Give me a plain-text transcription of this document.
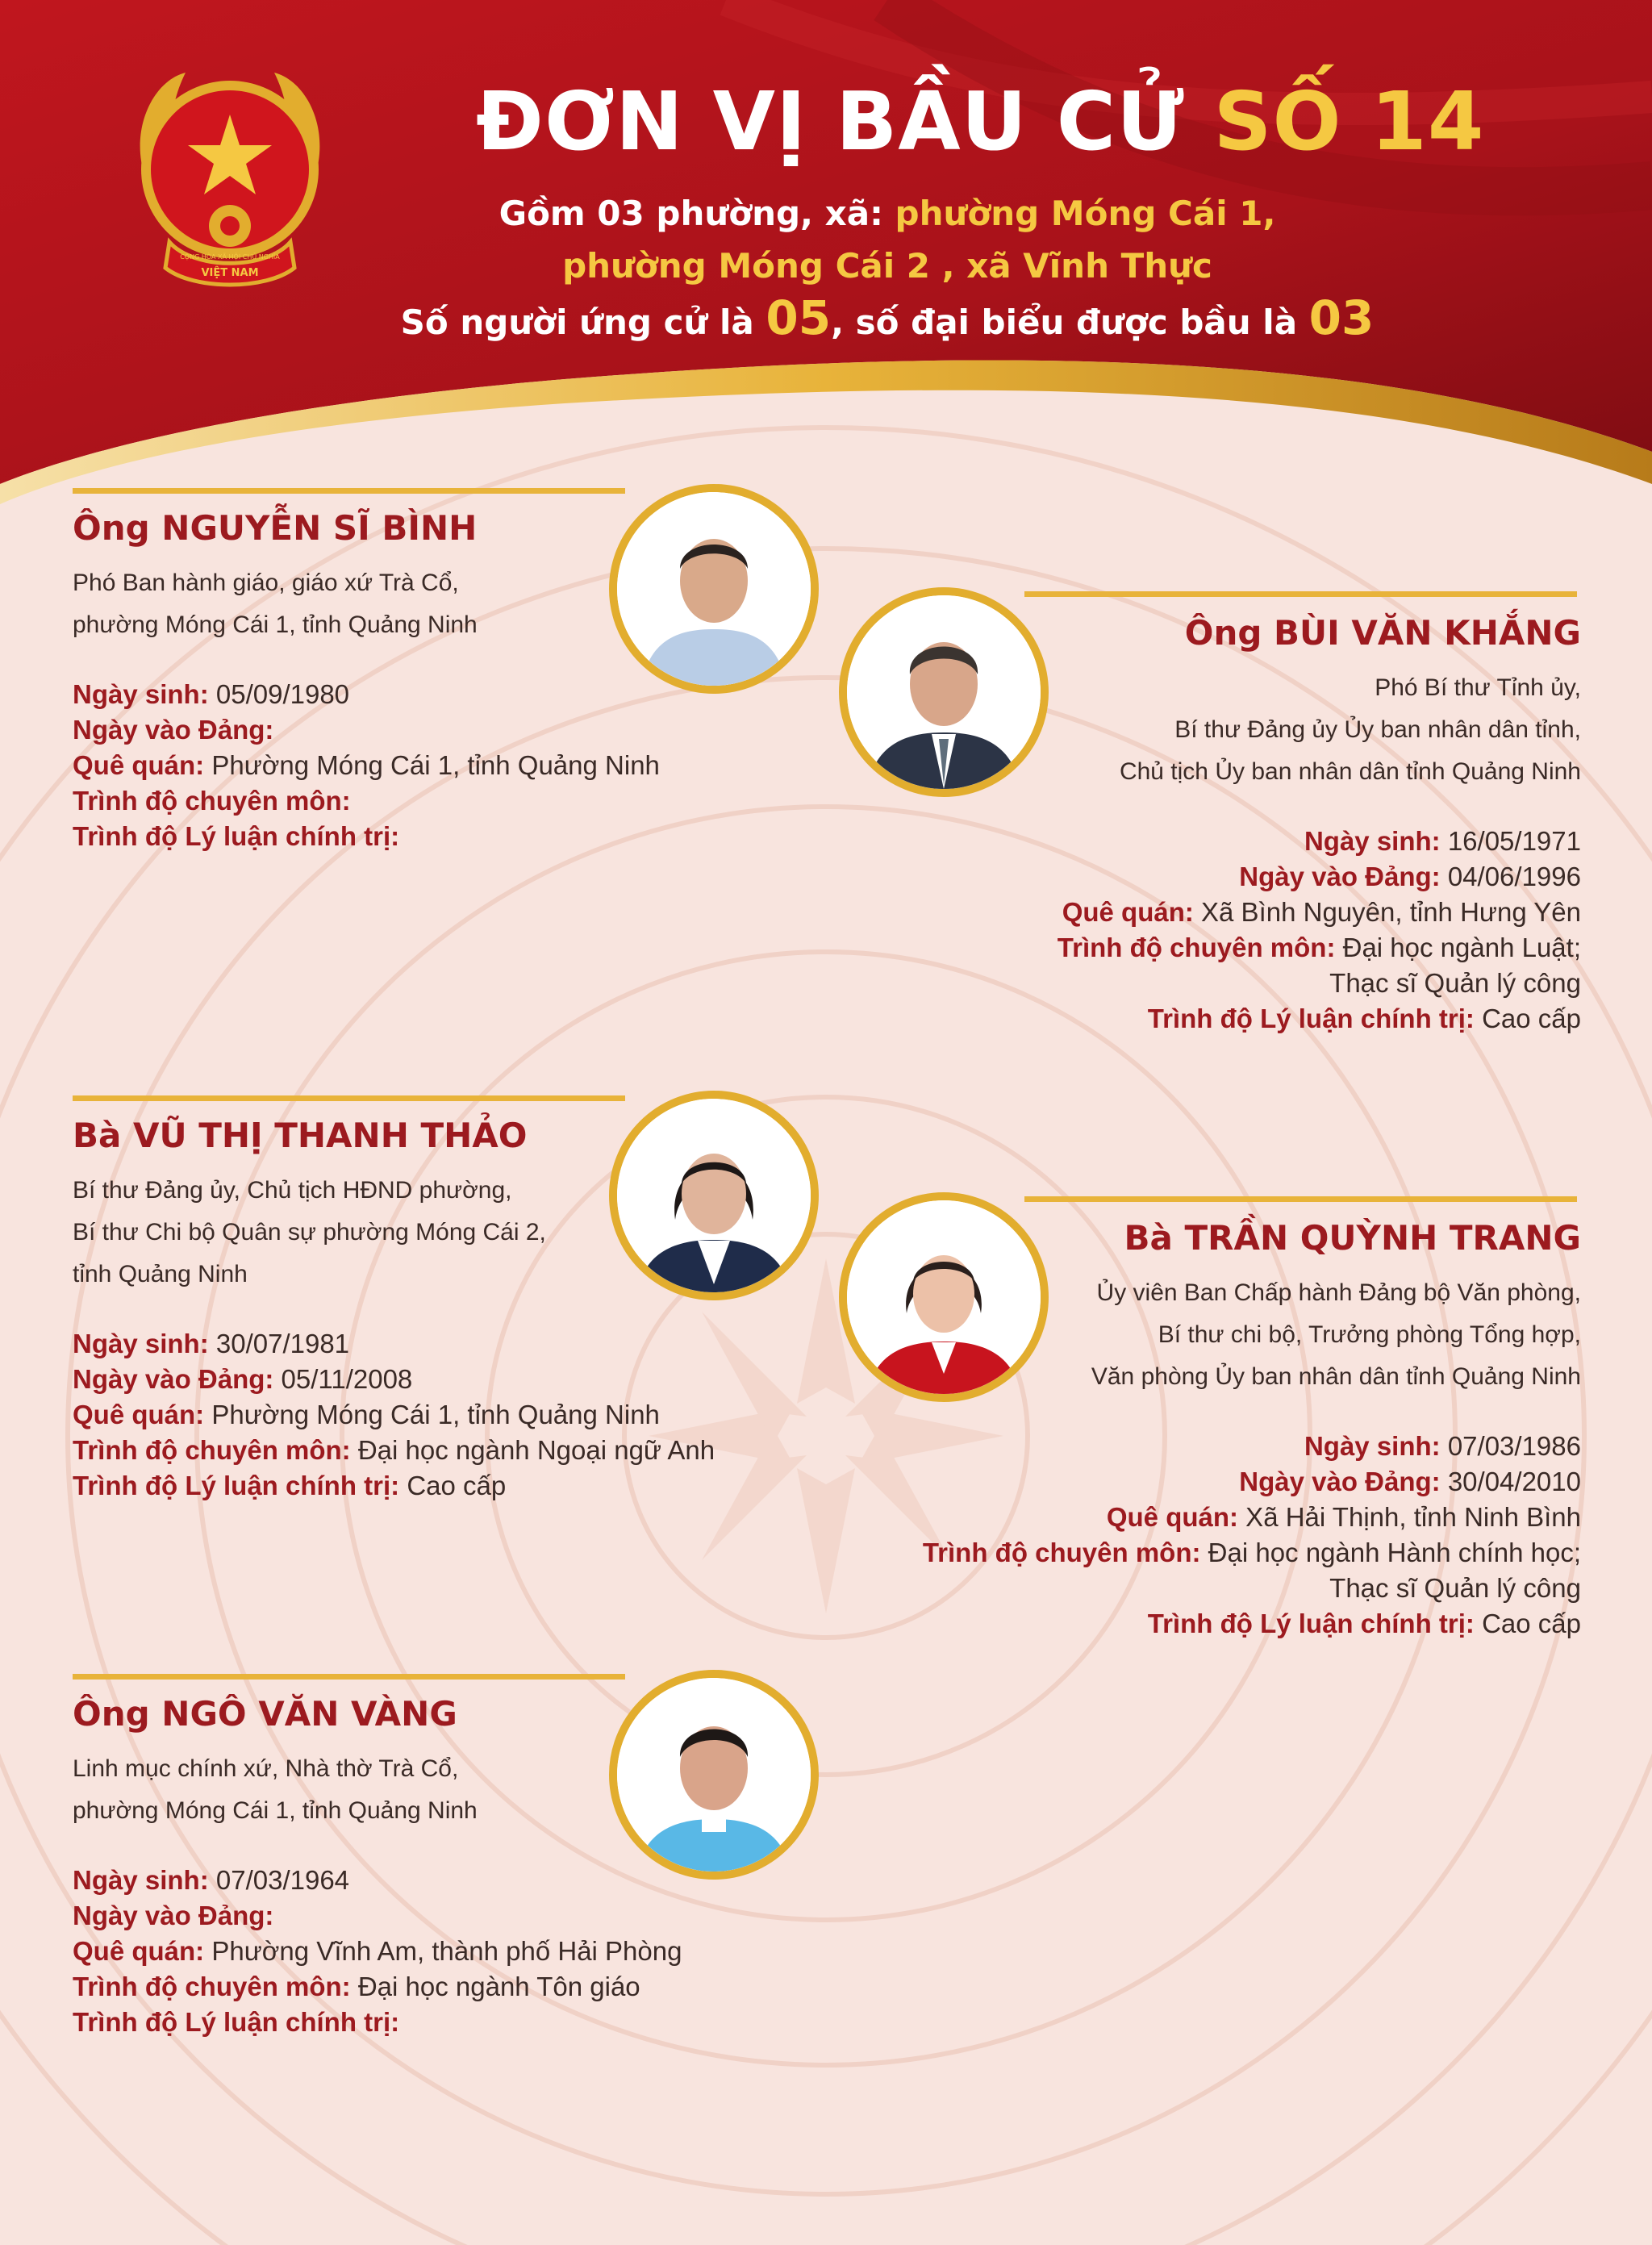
CỘNG HÒA XÃ HỘI CHỦ NGHĨA
VIỆT NAM
ĐƠN VỊ BẦU CỬ SỐ 14
Gồm 03 phường, xã: phường Móng Cái 1,
phường Móng Cái 2 , xã Vĩnh Thực
Số người ứng cử là 05, số đại biểu được bầu là 03
Ông NGUYỄN SĨ BÌNH
Phó Ban hành giáo, giáo xứ Trà Cổ,
phường Móng Cái 1, tỉnh Quảng Ninh
Ngày sinh: 05/09/1980
Ngày vào Đảng:
Quê quán: Phường Móng Cái 1, tỉnh Quảng Ninh
Trình độ chuyên môn:
Trình độ Lý luận chính trị:
Ông BÙI VĂN KHẮNG
Phó Bí thư Tỉnh ủy,
Bí thư Đảng ủy Ủy ban nhân dân tỉnh,
Chủ tịch Ủy ban nhân dân tỉnh Quảng Ninh
Ngày sinh: 16/05/1971
Ngày vào Đảng: 04/06/1996
Quê quán: Xã Bình Nguyên, tỉnh Hưng Yên
Trình độ chuyên môn: Đại học ngành Luật;
Thạc sĩ Quản lý công
Trình độ Lý luận chính trị: Cao cấp
Bà VŨ THỊ THANH THẢO
Bí thư Đảng ủy, Chủ tịch HĐND phường,
Bí thư Chi bộ Quân sự phường Móng Cái 2,
tỉnh Quảng Ninh
Ngày sinh: 30/07/1981
Ngày vào Đảng: 05/11/2008
Quê quán: Phường Móng Cái 1, tỉnh Quảng Ninh
Trình độ chuyên môn: Đại học ngành Ngoại ngữ Anh
Trình độ Lý luận chính trị: Cao cấp
Bà TRẦN QUỲNH TRANG
Ủy viên Ban Chấp hành Đảng bộ Văn phòng,
Bí thư chi bộ, Trưởng phòng Tổng hợp,
Văn phòng Ủy ban nhân dân tỉnh Quảng Ninh
Ngày sinh: 07/03/1986
Ngày vào Đảng: 30/04/2010
Quê quán: Xã Hải Thịnh, tỉnh Ninh Bình
Trình độ chuyên môn: Đại học ngành Hành chính học;
Thạc sĩ Quản lý công
Trình độ Lý luận chính trị: Cao cấp
Ông NGÔ VĂN VÀNG
Linh mục chính xứ, Nhà thờ Trà Cổ,
phường Móng Cái 1, tỉnh Quảng Ninh
Ngày sinh: 07/03/1964
Ngày vào Đảng:
Quê quán: Phường Vĩnh Am, thành phố Hải Phòng
Trình độ chuyên môn: Đại học ngành Tôn giáo
Trình độ Lý luận chính trị:
